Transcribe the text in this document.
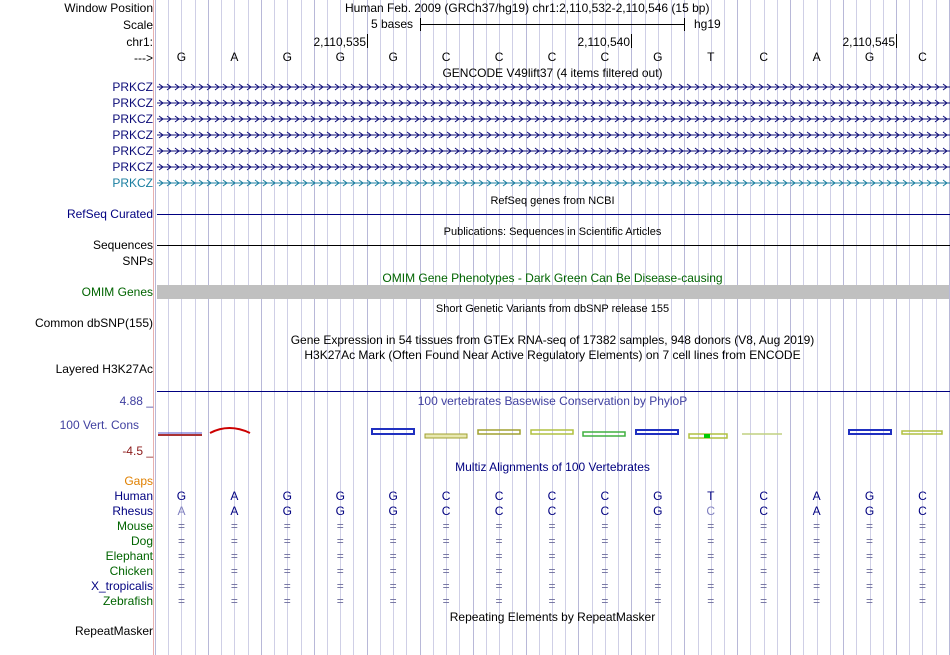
Window Position	Human Feb. 2009 (GRCh37/hg19) chr1:2,110,532-2,110,546 (15 bp)
Scale	5 bases	hg19
chr1:	2,110,535	2,110,540	2,110,545
--->	G	A	G	G	G	C	C	C	C	G	T	C	A	G	C
GENCODE V49lift37 (4 items filtered out)
PRKCZ
PRKCZ
PRKCZ
PRKCZ
PRKCZ
PRKCZ
PRKCZ
RefSeq genes from NCBI
RefSeq Curated
Publications: Sequences in Scientific Articles
Sequences
SNPs
OMIM Gene Phenotypes - Dark Green Can Be Disease-causing
OMIM Genes
Short Genetic Variants from dbSNP release 155
Common dbSNP(155)
Gene Expression in 54 tissues from GTEx RNA-seq of 17382 samples, 948 donors (V8, Aug 2019)
H3K27Ac Mark (Often Found Near Active Regulatory Elements) on 7 cell lines from ENCODE
Layered H3K27Ac
100 vertebrates Basewise Conservation by PhyloP
4.88 _
100 Vert. Cons
-4.5 _
Multiz Alignments of 100 Vertebrates
Gaps
Human	G	A	G	G	G	C	C	C	C	G	T	C	A	G	C
Rhesus	A	A	G	G	G	C	C	C	C	G	C	C	A	G	C
Mouse	=	=	=	=	=	=	=	=	=	=	=	=	=	=	=
Dog	=	=	=	=	=	=	=	=	=	=	=	=	=	=	=
Elephant	=	=	=	=	=	=	=	=	=	=	=	=	=	=	=
Chicken	=	=	=	=	=	=	=	=	=	=	=	=	=	=	=
X_tropicalis	=	=	=	=	=	=	=	=	=	=	=	=	=	=	=
Zebrafish	=	=	=	=	=	=	=	=	=	=	=	=	=	=	=
Repeating Elements by RepeatMasker
RepeatMasker
